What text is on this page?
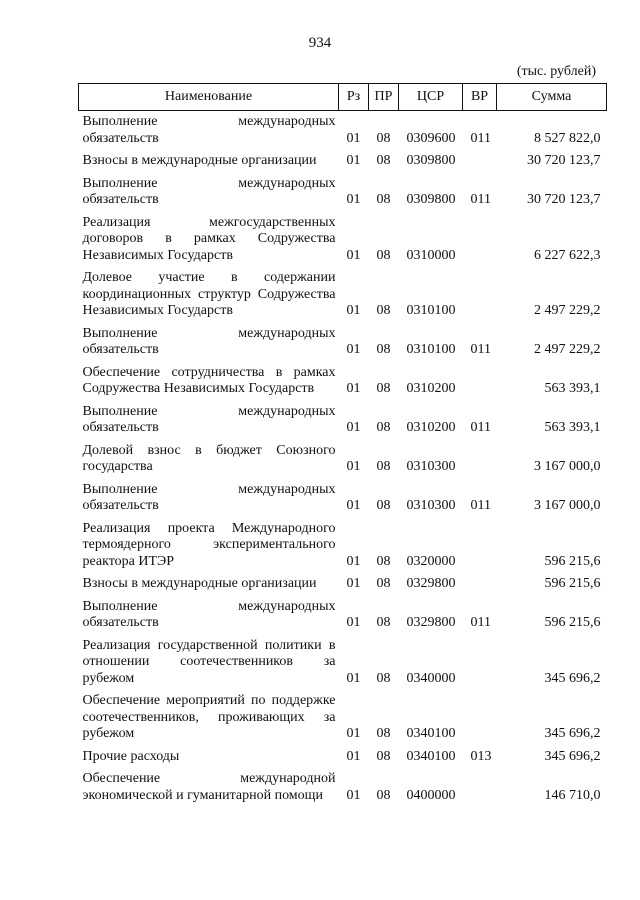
934
(тыс. рублей)
Наименование	Рз	ПР	ЦСР	ВР	Сумма
Выполнение международных обязательств	01	08	0309600	011	8 527 822,0
Взносы в международные организации	01	08	0309800		30 720 123,7
Выполнение международных обязательств	01	08	0309800	011	30 720 123,7
Реализация межгосударственных договоров в рамках Содружества Независимых Государств	01	08	0310000		6 227 622,3
Долевое участие в содержании координационных структур Содружества Независимых Государств	01	08	0310100		2 497 229,2
Выполнение международных обязательств	01	08	0310100	011	2 497 229,2
Обеспечение сотрудничества в рамках Содружества Независимых Государств	01	08	0310200		563 393,1
Выполнение международных обязательств	01	08	0310200	011	563 393,1
Долевой взнос в бюджет Союзного государства	01	08	0310300		3 167 000,0
Выполнение международных обязательств	01	08	0310300	011	3 167 000,0
Реализация проекта Международного термоядерного экспериментального реактора ИТЭР	01	08	0320000		596 215,6
Взносы в международные организации	01	08	0329800		596 215,6
Выполнение международных обязательств	01	08	0329800	011	596 215,6
Реализация государственной политики в отношении соотечественников за рубежом	01	08	0340000		345 696,2
Обеспечение мероприятий по поддержке соотечественников, проживающих за рубежом	01	08	0340100		345 696,2
Прочие расходы	01	08	0340100	013	345 696,2
Обеспечение международной экономической и гуманитарной помощи	01	08	0400000		146 710,0
